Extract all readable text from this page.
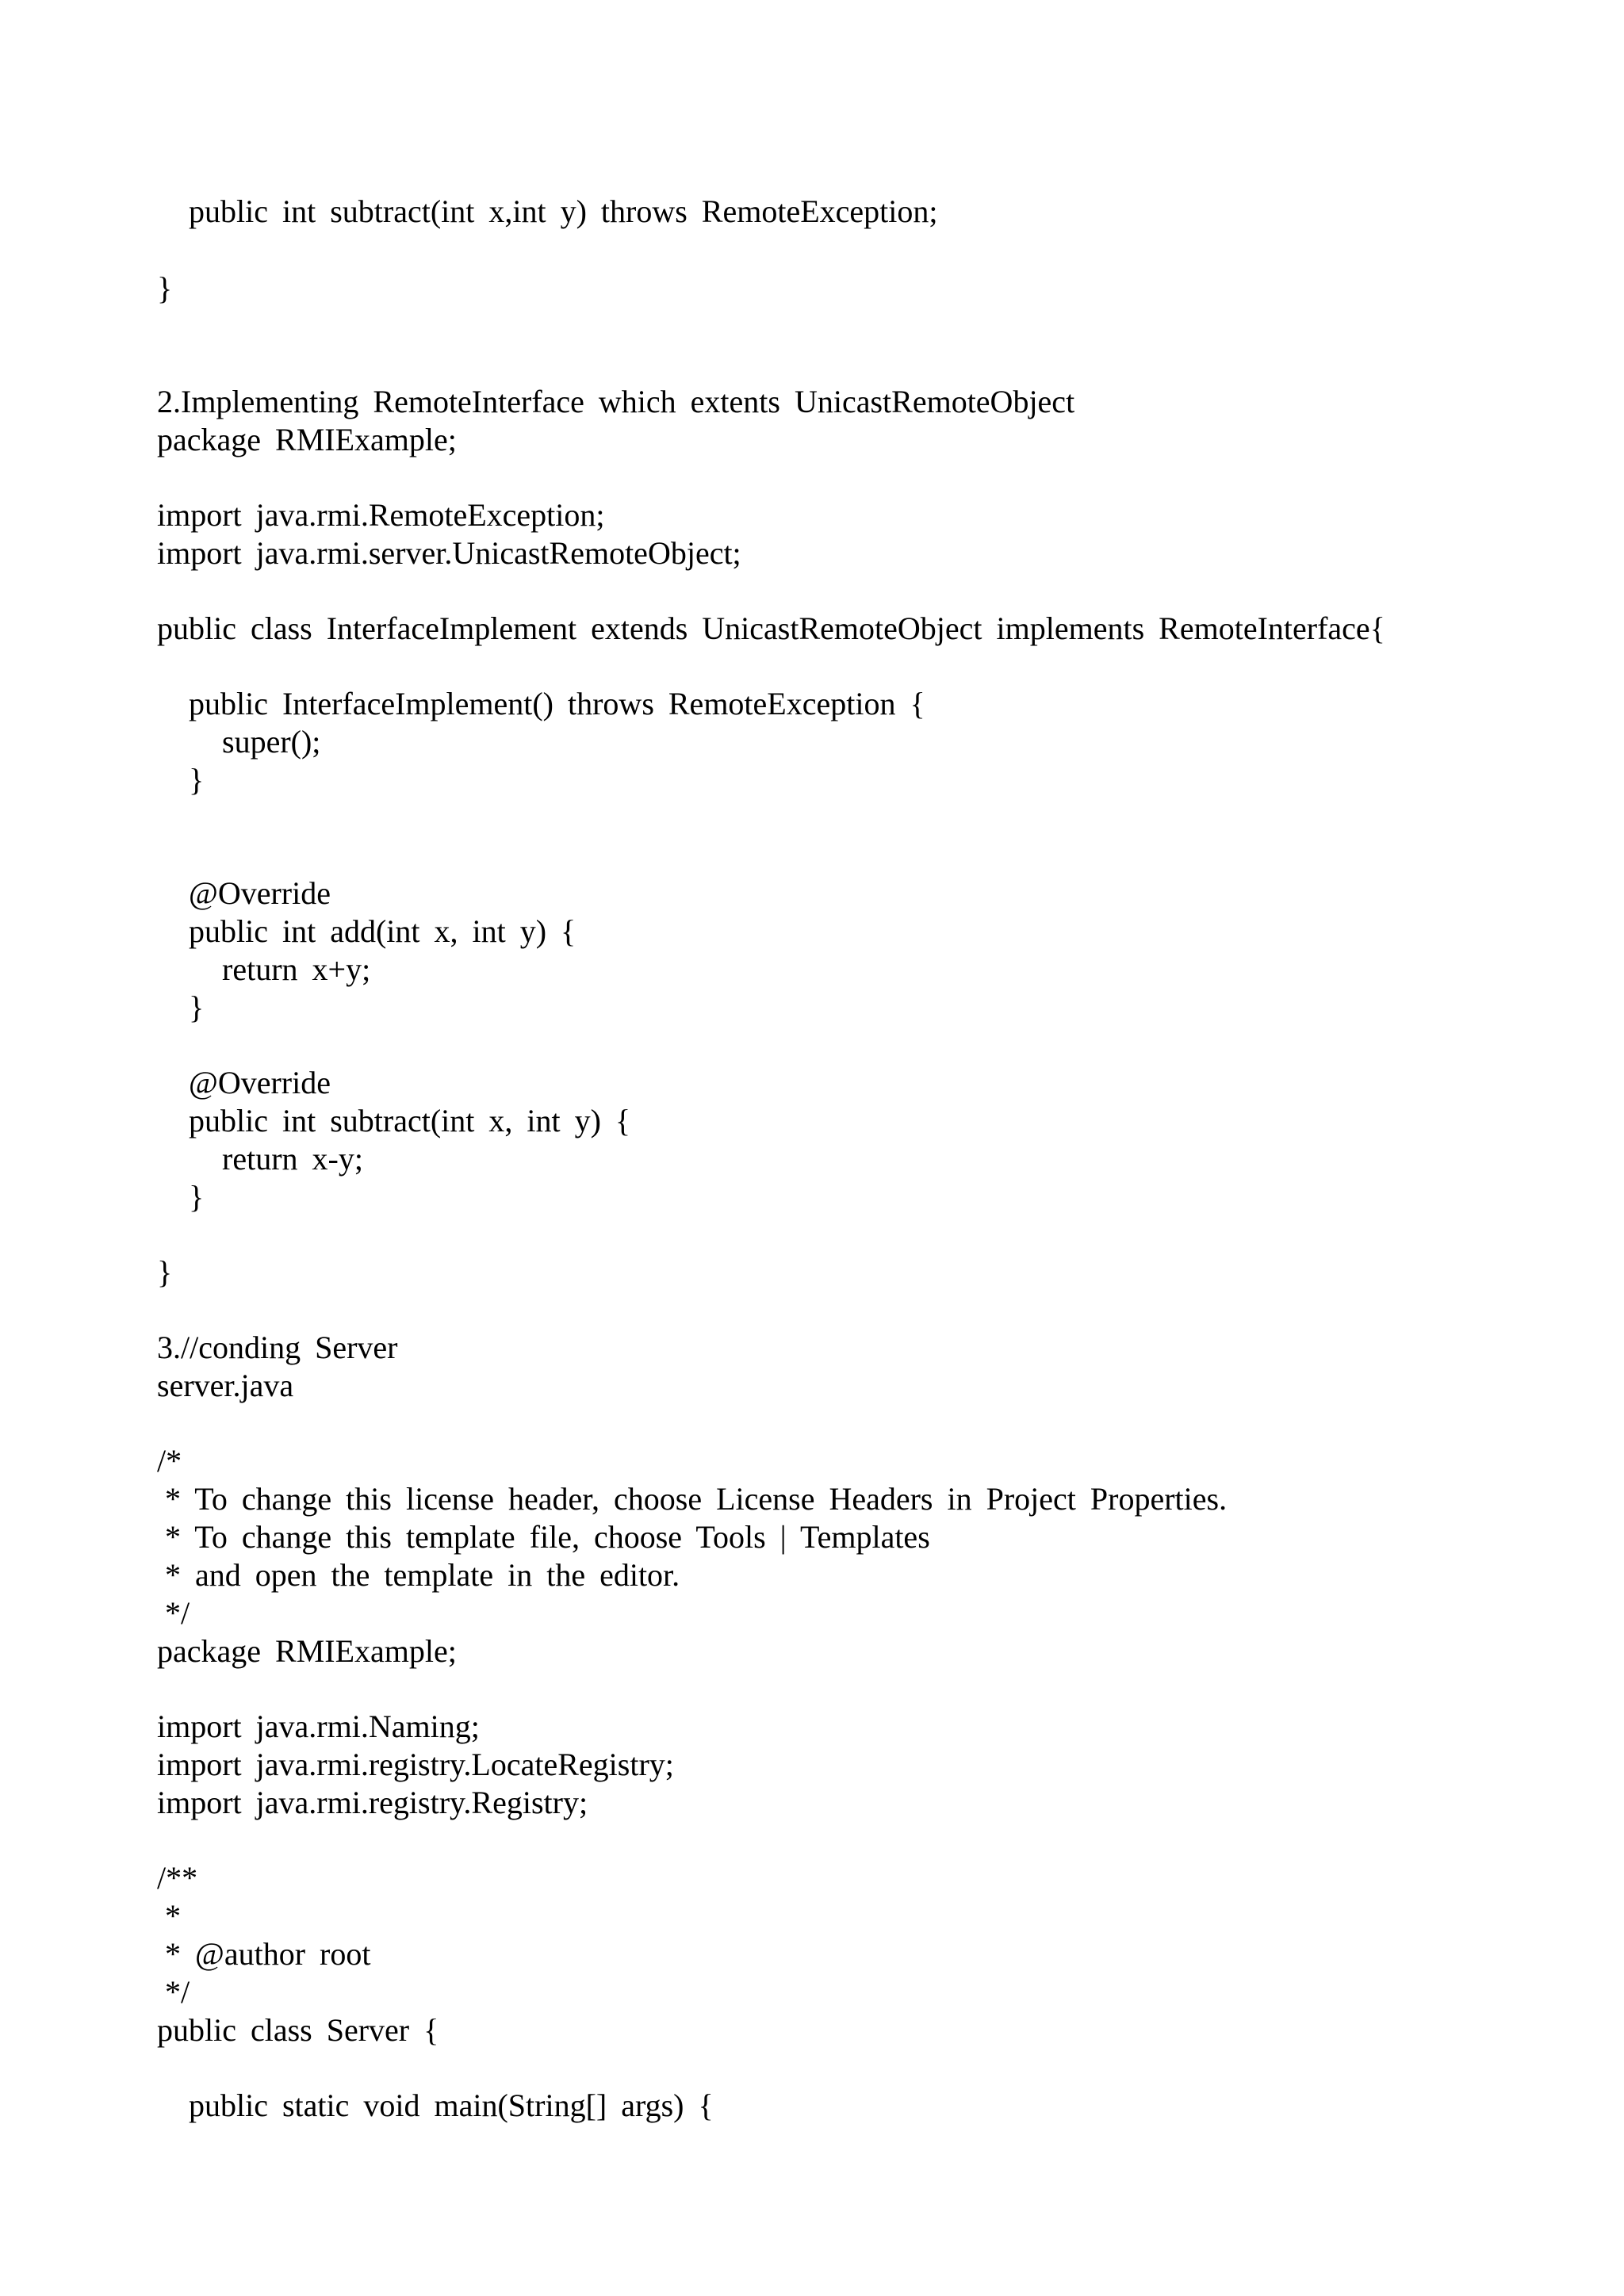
public int subtract(int x,int y) throws RemoteException;
}
2.Implementing RemoteInterface which extents UnicastRemoteObject
package RMIExample;
import java.rmi.RemoteException;
import java.rmi.server.UnicastRemoteObject;
public class InterfaceImplement extends UnicastRemoteObject implements RemoteInterface{
public InterfaceImplement() throws RemoteException {
super();
}
@Override
public int add(int x, int y) {
return x+y;
}
@Override
public int subtract(int x, int y) {
return x-y;
}
}
3.//conding Server
server.java
/*
* To change this license header, choose License Headers in Project Properties.
* To change this template file, choose Tools | Templates
* and open the template in the editor.
*/
package RMIExample;
import java.rmi.Naming;
import java.rmi.registry.LocateRegistry;
import java.rmi.registry.Registry;
/**
*
* @author root
*/
public class Server {
public static void main(String[] args) {
